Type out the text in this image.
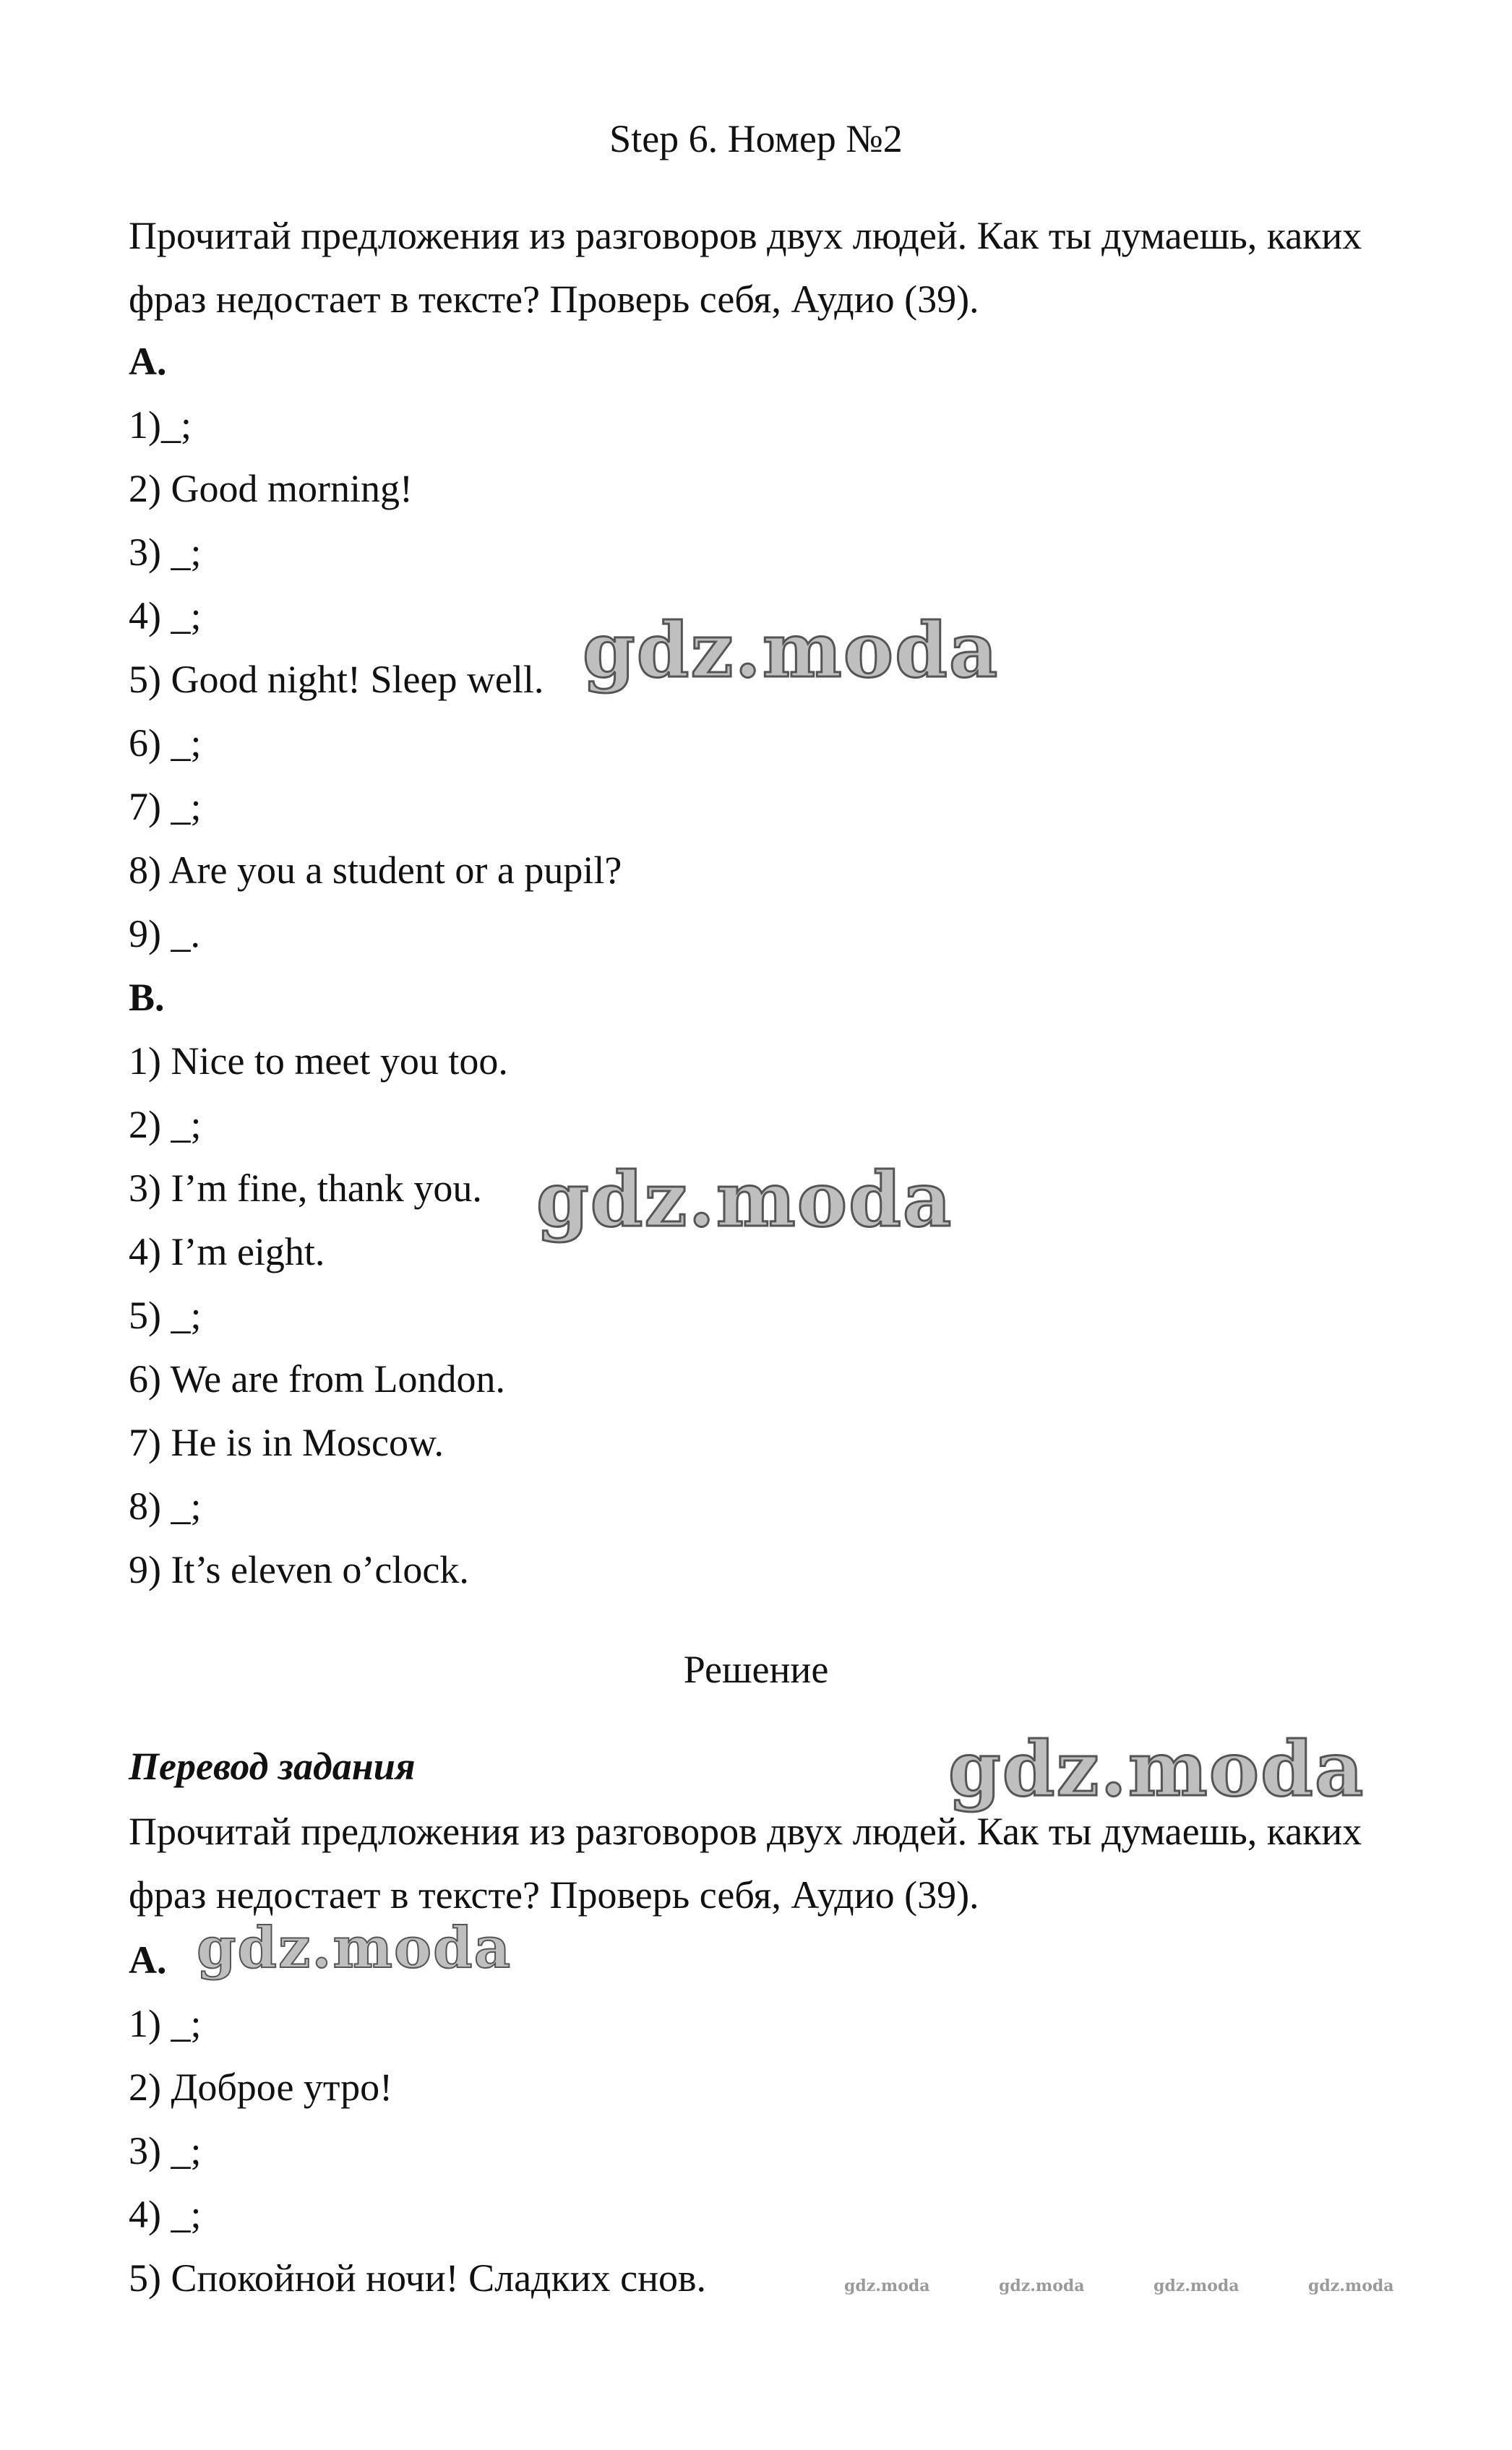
Step 6. Номер №2
Прочитай предложения из разговоров двух людей. Как ты думаешь, каких фраз недостает в тексте? Проверь себя, Аудио (39).
A.
1)_;
2) Good morning!
3) _;
4) _;
5) Good night! Sleep well.
6) _;
7) _;
8) Are you a student or a pupil?
9) _.
B.
1) Nice to meet you too.
2) _;
3) I’m fine, thank you.
4) I’m eight.
5) _;
6) We are from London.
7) He is in Moscow.
8) _;
9) It’s eleven o’clock.
Решение
Перевод задания
Прочитай предложения из разговоров двух людей. Как ты думаешь, каких фраз недостает в тексте? Проверь себя, Аудио (39).
A.
1) _;
2) Доброе утро!
3) _;
4) _;
5) Спокойной ночи! Сладких снов.
gdz.moda
gdz.moda
gdz.moda
gdz.moda
gdz.moda	gdz.moda	gdz.moda	gdz.moda
